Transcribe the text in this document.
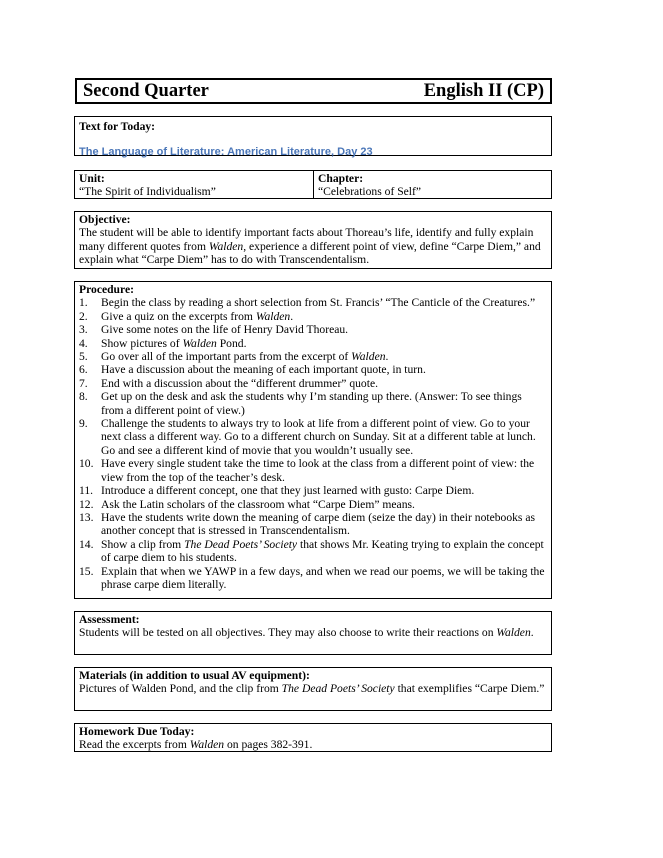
Second Quarter	English II (CP)
Text for Today:
The Language of Literature: American Literature, Day 23
Unit:
“The Spirit of Individualism”
Chapter:
“Celebrations of Self”
Objective:
The student will be able to identify important facts about Thoreau’s life, identify and fully explain many different quotes from Walden, experience a different point of view, define “Carpe Diem,” and explain what “Carpe Diem” has to do with Transcendentalism.
Procedure:
1.	Begin the class by reading a short selection from St. Francis’ “The Canticle of the Creatures.”
2.	Give a quiz on the excerpts from Walden.
3.	Give some notes on the life of Henry David Thoreau.
4.	Show pictures of Walden Pond.
5.	Go over all of the important parts from the excerpt of Walden.
6.	Have a discussion about the meaning of each important quote, in turn.
7.	End with a discussion about the “different drummer” quote.
8.	Get up on the desk and ask the students why I’m standing up there. (Answer: To see things from a different point of view.)
9.	Challenge the students to always try to look at life from a different point of view. Go to your next class a different way. Go to a different church on Sunday. Sit at a different table at lunch. Go and see a different kind of movie that you wouldn’t usually see.
10. Have every single student take the time to look at the class from a different point of view: the view from the top of the teacher’s desk.
11. Introduce a different concept, one that they just learned with gusto: Carpe Diem.
12. Ask the Latin scholars of the classroom what “Carpe Diem” means.
13. Have the students write down the meaning of carpe diem (seize the day) in their notebooks as another concept that is stressed in Transcendentalism.
14. Show a clip from The Dead Poets’ Society that shows Mr. Keating trying to explain the concept of carpe diem to his students.
15. Explain that when we YAWP in a few days, and when we read our poems, we will be taking the phrase carpe diem literally.
Assessment:
Students will be tested on all objectives. They may also choose to write their reactions on Walden.
Materials (in addition to usual AV equipment):
Pictures of Walden Pond, and the clip from The Dead Poets’ Society that exemplifies “Carpe Diem.”
Homework Due Today:
Read the excerpts from Walden on pages 382-391.
